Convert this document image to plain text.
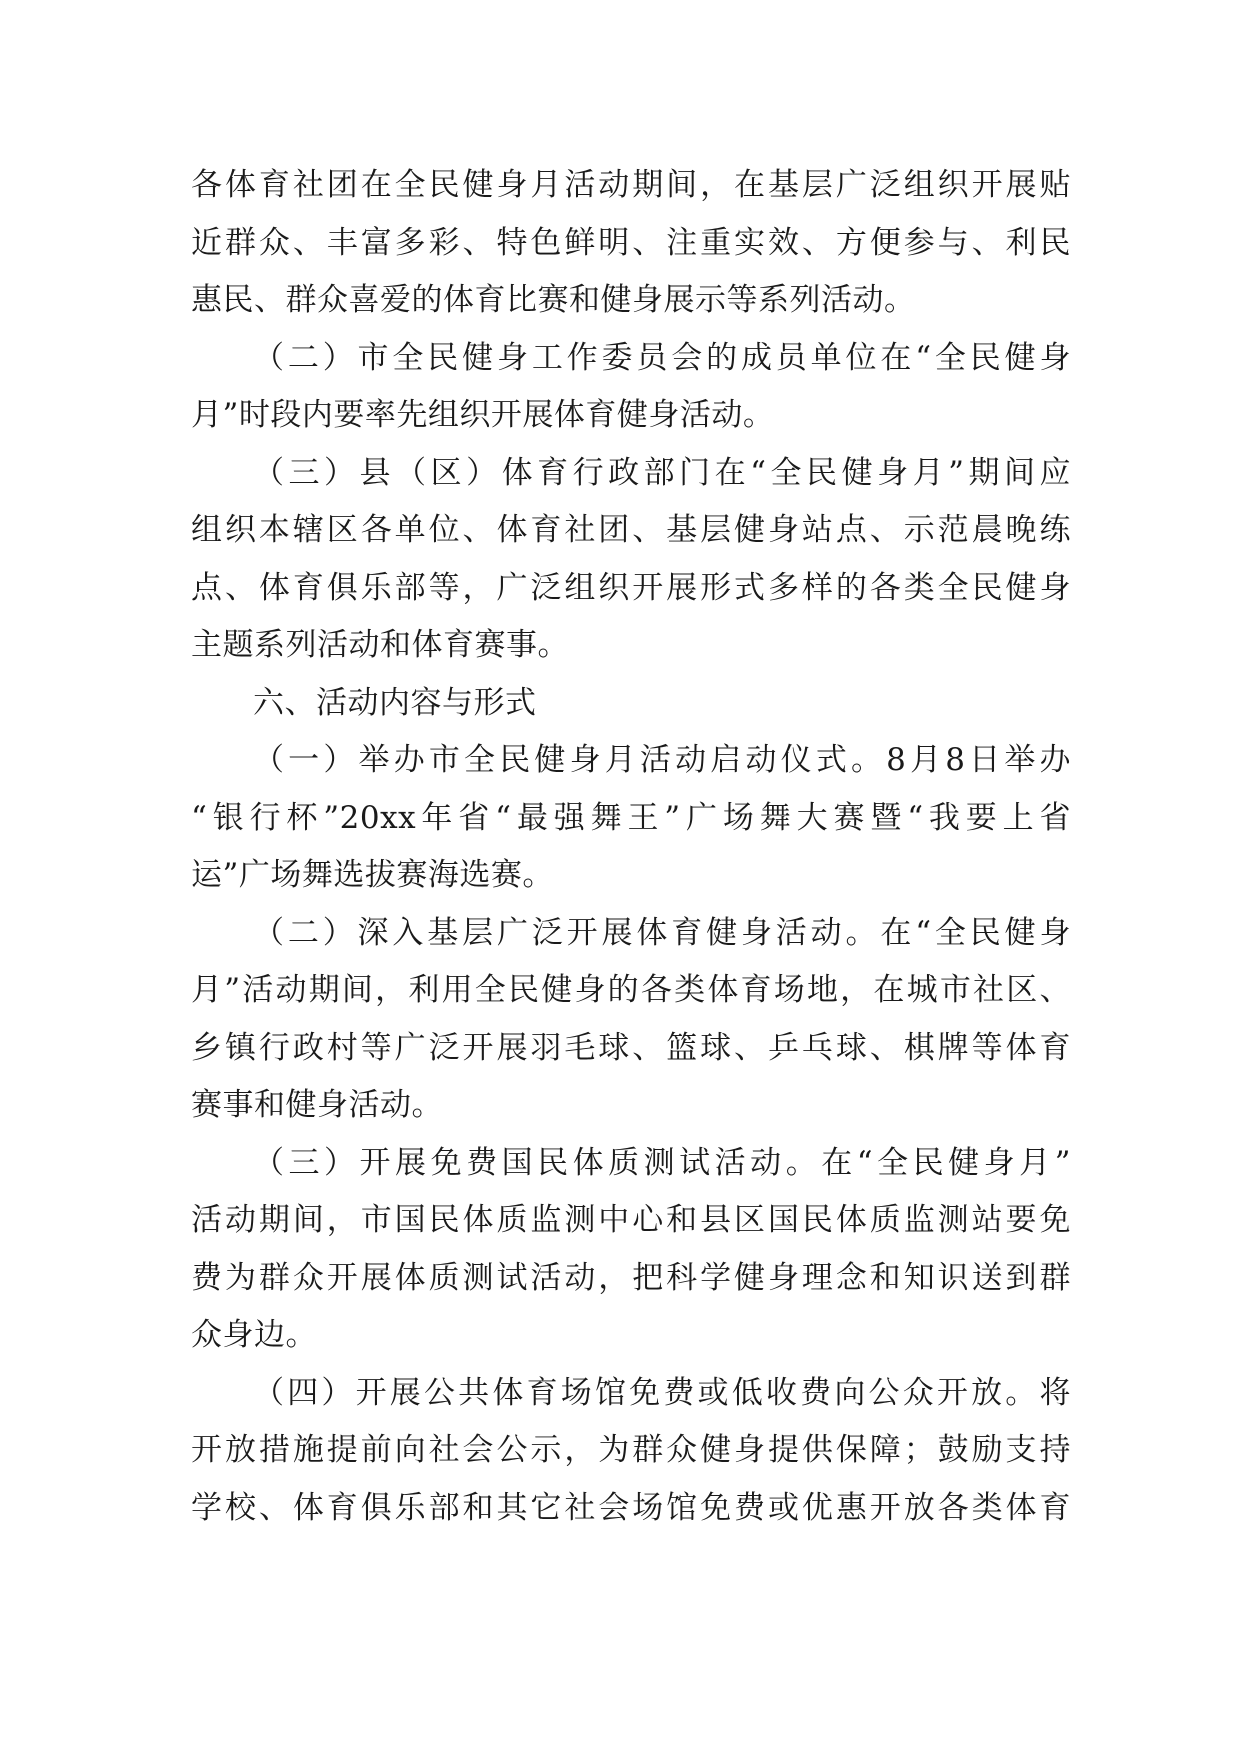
各体育社团在全民健身月活动期间，在基层广泛组织开展贴
近群众、丰富多彩、特色鲜明、注重实效、方便参与、利民
惠民、群众喜爱的体育比赛和健身展示等系列活动。
（二）市全民健身工作委员会的成员单位在“全民健身
月”时段内要率先组织开展体育健身活动。
（三）县（区）体育行政部门在“全民健身月”期间应
组织本辖区各单位、体育社团、基层健身站点、示范晨晚练
点、体育俱乐部等，广泛组织开展形式多样的各类全民健身
主题系列活动和体育赛事。
六、活动内容与形式
（一）举办市全民健身月活动启动仪式。8月8日举办
“银行杯”20xx年省“最强舞王”广场舞大赛暨“我要上省
运”广场舞选拔赛海选赛。
（二）深入基层广泛开展体育健身活动。在“全民健身
月”活动期间，利用全民健身的各类体育场地，在城市社区、
乡镇行政村等广泛开展羽毛球、篮球、乒乓球、棋牌等体育
赛事和健身活动。
（三）开展免费国民体质测试活动。在“全民健身月”
活动期间，市国民体质监测中心和县区国民体质监测站要免
费为群众开展体质测试活动，把科学健身理念和知识送到群
众身边。
（四）开展公共体育场馆免费或低收费向公众开放。将
开放措施提前向社会公示，为群众健身提供保障；鼓励支持
学校、体育俱乐部和其它社会场馆免费或优惠开放各类体育
